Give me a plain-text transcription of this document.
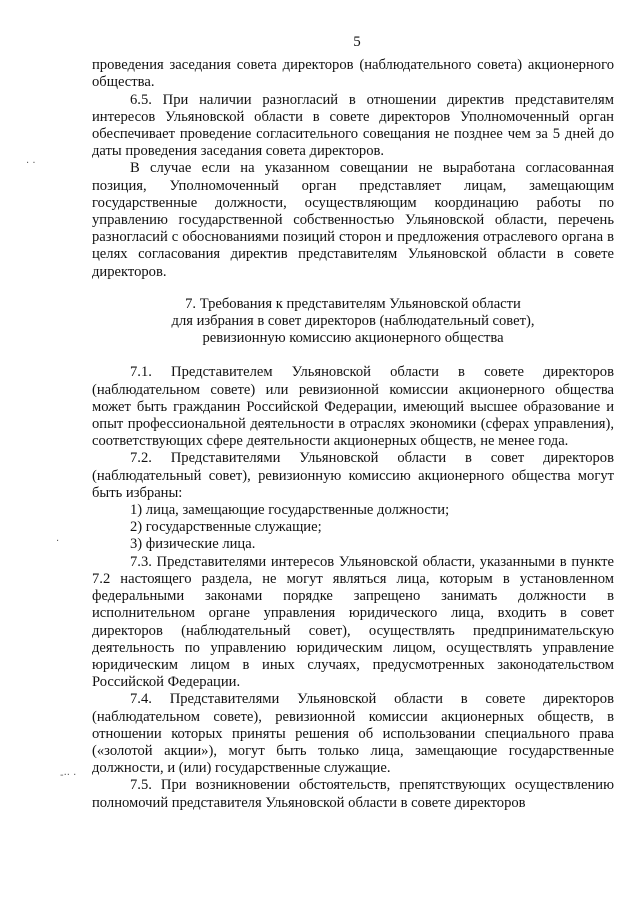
· ·
·
-·· ·
5

проведения заседания совета директоров (наблюдательного совета) акционерного общества.

6.5. При наличии разногласий в отношении директив представителям интересов Ульяновской области в совете директоров Уполномоченный орган обеспечивает проведение согласительного совещания не позднее чем за 5 дней до даты проведения заседания совета директоров.

В случае если на указанном совещании не выработана согласованная позиция, Уполномоченный орган представляет лицам, замещающим государственные должности, осуществляющим координацию работы по управлению государственной собственностью Ульяновской области, перечень разногласий с обоснованиями позиций сторон и предложения отраслевого органа в целях согласования директив представителям Ульяновской области в совете директоров.

7. Требования к представителям Ульяновской области
для избрания в совет директоров (наблюдательный совет),
ревизионную комиссию акционерного общества

7.1. Представителем Ульяновской области в совете директоров (наблюдательном совете) или ревизионной комиссии акционерного общества может быть гражданин Российской Федерации, имеющий высшее образование и опыт профессиональной деятельности в отраслях экономики (сферах управления), соответствующих сфере деятельности акционерных обществ, не менее года.

7.2. Представителями Ульяновской области в совет директоров (наблюдательный совет), ревизионную комиссию акционерного общества могут быть избраны:

1) лица, замещающие государственные должности;

2) государственные служащие;

3) физические лица.

7.3. Представителями интересов Ульяновской области, указанными в пункте 7.2 настоящего раздела, не могут являться лица, которым в установленном федеральными законами порядке запрещено занимать должности в исполнительном органе управления юридического лица, входить в совет директоров (наблюдательный совет), осуществлять предпринимательскую деятельность по управлению юридическим лицом, осуществлять управление юридическим лицом в иных случаях, предусмотренных законодательством Российской Федерации.

7.4. Представителями Ульяновской области в совете директоров (наблюдательном совете), ревизионной комиссии акционерных обществ, в отношении которых приняты решения об использовании специального права («золотой акции»), могут быть только лица, замещающие государственные должности, и (или) государственные служащие.

7.5. При возникновении обстоятельств, препятствующих осуществлению полномочий представителя Ульяновской области в совете директоров
